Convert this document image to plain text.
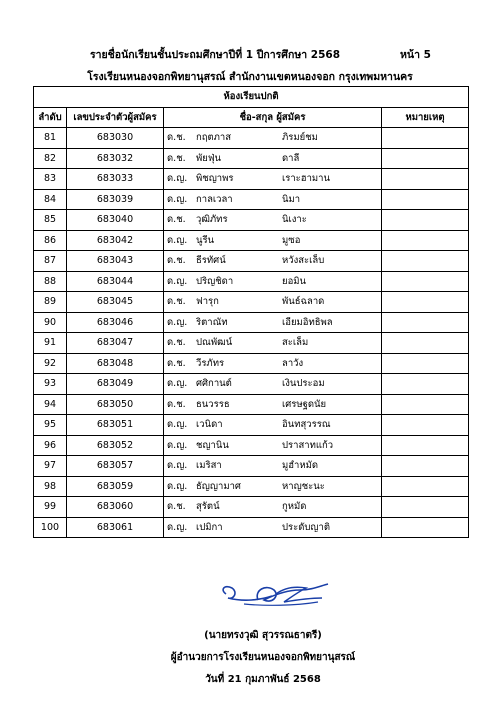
รายชื่อนักเรียนชั้นประถมศึกษาปีที่ 1 ปีการศึกษา 2568	หน้า 5
โรงเรียนหนองจอกพิทยานุสรณ์ สำนักงานเขตหนองจอก กรุงเทพมหานคร
ห้องเรียนปกติ			
ลำดับ	เลขประจำตัวผู้สมัคร	ชื่อ-สกุล ผู้สมัคร	หมายเหตุ
81	683030	ด.ช. กฤตภาส ภิรมย์ชม	

82	683032	ด.ช. พัยฟุ่น ดาลี	

83	683033	ด.ญ. พิชญาพร เราะฮามาน	

84	683039	ด.ญ. กาลเวลา นิมา	

85	683040	ด.ช. วุฒิภัทร นิเงาะ	

86	683042	ด.ญ. นูรีน มูซอ	

87	683043	ด.ช. ธีรทัศน์ หวังสะเล็บ	

88	683044	ด.ญ. ปริญชิดา ยอมิน	

89	683045	ด.ช. ฟารุก พันธ์ฉลาด	

90	683046	ด.ญ. ริตาณัท เอียมอิทธิพล	

91	683047	ด.ช. ปณพัฒน์ สะเล็ม	

92	683048	ด.ช. วีรภัทร ลาวัง	

93	683049	ด.ญ. ศศิกานต์ เงินประอม	

94	683050	ด.ช. ธนวรรธ เศรษฐดนัย	

95	683051	ด.ญ. เวนิดา อินทสุวรรณ	

96	683052	ด.ญ. ชญานิน ปราสาทแก้ว	

97	683057	ด.ญ. เมริสา มูฮำหมัด	

98	683059	ด.ญ. ธัญญามาศ หาญชะนะ	

99	683060	ด.ช. สุรัตน์ กูหมัด	

100	683061	ด.ญ. เปมิกา ประดับญาติ	

(นายทรงวุฒิ สุวรรณธาตรี)
ผู้อำนวยการโรงเรียนหนองจอกพิทยานุสรณ์
วันที่ 21 กุมภาพันธ์ 2568
